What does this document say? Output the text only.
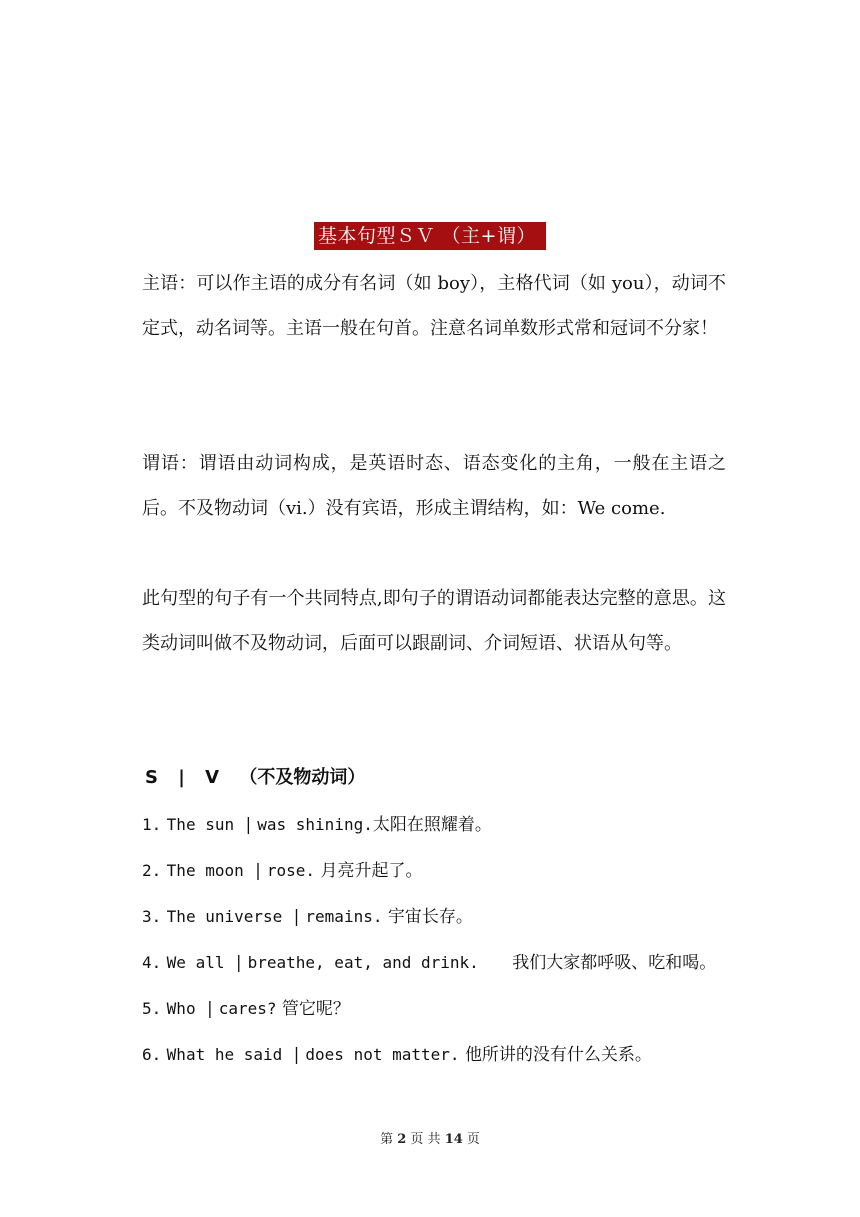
基本句型ＳＶ （主+谓）

主语：可以作主语的成分有名词（如 boy），主格代词（如 you），动词不定式，动名词等。主语一般在句首。注意名词单数形式常和冠词不分家！

谓语：谓语由动词构成，是英语时态、语态变化的主角，一般在主语之后。不及物动词（vi.）没有宾语，形成主谓结构，如：We come.

此句型的句子有一个共同特点,即句子的谓语动词都能表达完整的意思。这类动词叫做不及物动词，后面可以跟副词、介词短语、状语从句等。

S | V （不及物动词）
1. The sun | was shining.太阳在照耀着。
2. The moon | rose. 月亮升起了。
3. The universe | remains. 宇宙长存。
4. We all | breathe, eat, and drink. 我们大家都呼吸、吃和喝。
5. Who | cares? 管它呢？
6. What he said | does not matter. 他所讲的没有什么关系。
第 2 页 共 14 页
